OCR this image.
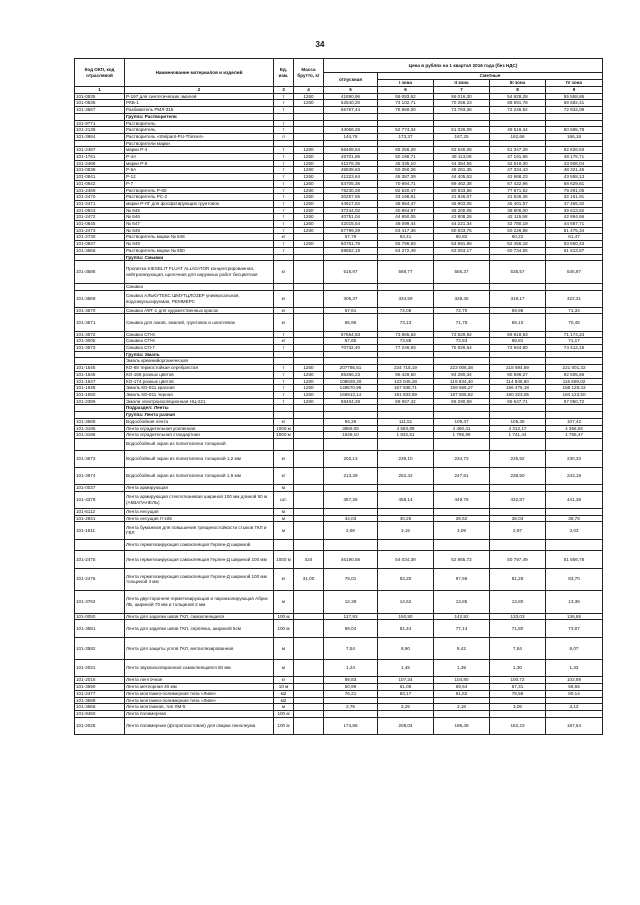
34
Код ОКП, код отраслевой	Наименование материалов и изделий	Ед. изм.	Масса брутто, кг	Цена в рублях на 1 квартал 2016 года (без НДС)				
				отпускная	Сметные			
					I зона	II зона	III зона	IV зона
1	2	3	4	5	6	7	8	9
101-0835	Р-197 для синтетических эмалей	т	1260	41890,96	59 083,62	56 016,30	54 828,28	55 558,86
101-0836	РКБ-1	т	1260	52540,20	74 102,71	70 259,23	68 691,78	69 682,41
101-3567	Разбавитель РМЛ-315	т		55767,44	76 969,00	73 783,36	72 246,92	72 832,09
	Группа: Растворители							
101-9771	Растворитель	т						
101-2138	Растворитель	т		44066,26	52 774,34	51 026,09	49 519,44	50 585,78
101-3664	Растворитель «Stelpant-PU-Thinner»	л		144,78	173,37	167,25	162,66	166,18
	Растворители марки							
101-2487	марки Р-4	т	1260	56408,54	65 256,28	63 645,06	61 347,28	62 626,53
101-1761	Р-4А	т	1260	45701,85	50 198,71	49 113,08	47 191,66	48 175,71
101-2468	марки Р-5	т	1260	41276,35	45 335,10	44 354,56	42 619,30	43 508,04
101-0839	Р-5А	т	1260	45839,63	50 350,26	49 261,35	47 334,43	48 321,46
101-0841	Р-12	т	1260	41323,64	45 387,39	44 405,53	42 668,23	43 558,13
101-0842	Р-7	т	1260	64705,36	70 994,71	69 462,38	67 422,96	68 629,61
101-2469	Растворитель Р-60	т	1260	75230,28	82 620,47	80 833,86	77 671,52	79 291,05
101-2470	Растворитель РС-2	т	1260	30257,55	33 198,81	31 846,07	31 526,36	32 161,91
101-2471	марки Р-ЛГ для фосфатирующих грунтовок	т	1260	44617,62	48 954,47	46 903,05	45 401,57	47 455,32
101-0843	№ 645	т	1260	37244,02	40 864,97	39 200,05	38 806,00	39 613,82
101-2472	№ 646	т	1260	40751,04	44 850,05	43 808,26	42 115,58	42 994,56
101-0845	№ 647	т	1260	42015,54	46 099,44	44 221,34	43 780,19	44 687,71
101-2473	№ 648	т	1260	57799,29	63 417,36	60 833,75	60 226,86	61 475,34
101-2730	Растворитель марки № 648	кг		57,79	63,41	60,82	60,22	61,47
101-0847	№ 649	т	1260	50761,75	55 799,93	54 691,86	52 456,18	53 550,43
101-3566	Растворитель марки № 650	т		58852,19	64 272,49	63 053,17	60 734,55	61 813,87
	Группа: Смывки							
101-3586	Пропитка KIESELIT FLUAT ALLIGATOR концентрированная, нейтрализующая, щелочная для наружных работ бесцветная	кг		516,97	568,77	556,37	535,57	545,97
	Смывка							
101-3569	Смывка АЛЬКУТЕКС ШМУТЦЛОЗЕР универсальная, водоэмульсируемая, РЕММЕРС	кг		306,37	334,59	328,45	318,17	322,31
101-3570	Смывка АФТ-1 для художественных красок	кг		67,81	74,08	72,70	69,98	71,34
101-3571	Смывка для лаков, эмалей, грунтовок и шпатлевок	кг		66,96	73,13	71,78	69,10	70,45
101-3572	Смывка СП-6	т		67654,63	73 865,63	72 529,92	69 819,53	71 174,24
101-3005	Смывка СП-6	кг		67,65	73,88	72,53	69,81	71,17
101-3573	Смывка СП-7	т		70732,40	77 246,93	75 826,64	72 944,80	74 412,18
	Группа: Эмаль							
	Эмаль кремнийорганическая							
101-1545	КО-88 термостойкая серебристая	т	1260	207786,51	234 715,19	223 006,38	218 694,89	221 001,32
101-1546	КО-168 разных цветов	т	1260	85366,23	96 429,60	94 280,34	90 596,27	92 505,66
101-1547	КО-174 разных цветов	т	1260	108628,20	123 045,28	119 934,40	114 946,60	115 659,02
101-1548	Эмаль КО-811 красная	т	1260	149670,96	167 938,71	159 566,27	156 479,18	158 128,43
101-1550	Эмаль КО-811 черная	т	1260	169913,14	191 933,89	187 605,82	180 323,05	184 123,50
101-2399	Эмали электроизоляционная НЦ-221	т	1260	58404,29	69 557,42	66 290,59	65 647,71	67 050,72
	Подраздел: Ленты							
	Группа: Лента разная							
101-3589	Водосбойная лента	кг		94,26	111,51	109,47	105,36	107,42
101-3195	Лента оградительная усиленная	1000 м		3859,06	4 583,89	4 460,41	4 312,17	4 356,92
101-3196	Лента оградительная стандартная	1000 м		1549,10	1 832,51	1 796,99	1 741,44	1 765,47
	Водосбойный экран из полиэтилена толщиной							
101-3673	Водосбойный экран из полиэтилена толщиной 1,2 мм	кг		202,13	239,10	234,73	225,92	230,33
101-3674	Водосбойный экран из полиэтилена толщиной 1,6 мм	кг		213,39	252,42	247,81	238,50	243,19
101-0037	Лента армирующая	м						
101-4378	Лента армирующая стеклотканевая шириной 100 мм длиной 50 м (АКВАПАНЕЛЬ)	шт.		357,28	458,14	449,78	432,87	441,38
101-6112	Лента несущая	м						
101-2841	Лента несущая Л-185	м		34,03	40,25	39,52	38,03	38,78
101-1511	Лента бумажная для повышения трещиностойкости стыков ГКЛ и ГВЛ	м		2,66	3,15	3,09	2,97	3,03
	Лента герметизирующая самоклеящая Герлен-Д шириной							
101-2475	Лента герметизирующая самоклеящая Герлен-Д шириной 100 мм	1000 м	424	46190,56	54 034,39	52 865,72	50 797,49	51 856,78
101-2476	Лента герметизирующая самоклеящая Герлен-Д шириной 100 мм толщиной 3 мм	кг	31,00	78,01	93,20	87,66	81,28	83,70
101-3762	Лента двусторонняя герметизирующая и пароизолирующая Абрис ЛБ, шириной 70 мм и толщиной 2 мм	м		12,39	14,62	13,85	13,80	13,36
101-0050	Лента для заделки швов ГКЛ, самоклеящаяся	100 м		127,93	150,90	142,92	133,03	136,86
101-3581	Лента для заделки швов ГКЛ, серпянка, шириной 5см	100 м		69,04	81,44	77,14	71,80	73,87
101-3582	Лента для защиты углов ГКЛ, металлизированная	м		7,54	8,90	8,42	7,84	8,07
101-2031	Лента звукоизоляционная самоклеящаяся 50 мм	м		1,24	1,45	1,39	1,30	1,33
101-2016	Лента ленточная	кг		89,83	107,34	104,80	100,72	102,89
101-3590	Лента метеорная 40 мм	10 м		50,99	61,08	59,64	57,31	58,55
101-2477	Лента монтажно-полимерная типа «Ливе»	м2		76,21	83,17	81,62	78,58	80,14
101-3589	Лента монтажно-полимерная типа «Ливе»	м2						
101-3566	Лента монтажная, тип ЛМ-5	м		2,75	3,25	3,18	3,06	3,12
101-9450	Лента полимерная	100 м						
101-2025	Лента полимерная (фторопластовая) для сварки линолеума	100 м		174,86	208,04	196,49	182,23	187,64
